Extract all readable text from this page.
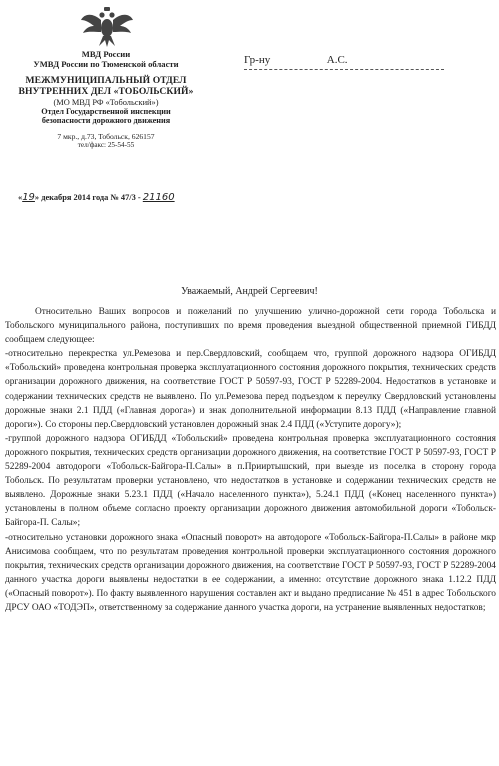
МВД России
УМВД России по Тюменской области
МЕЖМУНИЦИПАЛЬНЫЙ ОТДЕЛ
ВНУТРЕННИХ ДЕЛ «ТОБОЛЬСКИЙ»
(МО МВД РФ «Тобольский»)
Отдел Государственной инспекции
безопасности дорожного движения
7 мкр., д.73, Тобольск, 626157
тел/факс: 25-54-55
«19» декабря 2014 года № 47/3 - 21160
Гр-ну	А.С.
Уважаемый, Андрей Сергеевич!

Относительно Ваших вопросов и пожеланий по улучшению улично-дорожной сети города Тобольска и Тобольского муниципального района, поступивших по время проведения выездной общественной приемной ГИБДД сообщаем следующее:

-относительно перекрестка ул.Ремезова и пер.Свердловский, сообщаем что, группой дорожного надзора ОГИБДД «Тобольский» проведена контрольная проверка эксплуатационного состояния дорожного покрытия, технических средств организации дорожного движения, на соответствие ГОСТ Р 50597-93, ГОСТ Р 52289-2004. Недостатков в установке и содержании технических средств не выявлено. По ул.Ремезова перед подъездом к переулку Свердловский установлены дорожные знаки 2.1 ПДД («Главная дорога») и знак дополнительной информации 8.13 ПДД («Направление главной дороги»). Со стороны пер.Свердловский установлен дорожный знак 2.4 ПДД («Уступите дорогу»);

-группой дорожного надзора ОГИБДД «Тобольский» проведена контрольная проверка эксплуатационного состояния дорожного покрытия, технических средств организации дорожного движения, на соответствие ГОСТ Р 50597-93, ГОСТ Р 52289-2004 автодороги «Тобольск-Байгора-П.Салы» в п.Прииртышский, при выезде из поселка в сторону города Тобольск. По результатам проверки установлено, что недостатков в установке и содержании технических средств не выявлено. Дорожные знаки 5.23.1 ПДД («Начало населенного пункта»), 5.24.1 ПДД («Конец населенного пункта») установлены в полном объеме согласно проекту организации дорожного движения автомобильной дороги «Тобольск-Байгора-П. Салы»;

-относительно установки дорожного знака «Опасный поворот» на автодороге «Тобольск-Байгора-П.Салы» в районе мкр Анисимова сообщаем, что по результатам проведения контрольной проверки эксплуатационного состояния дорожного покрытия, технических средств организации дорожного движения, на соответствие ГОСТ Р 50597-93, ГОСТ Р 52289-2004 данного участка дороги выявлены недостатки в ее содержании, а именно: отсутствие дорожного знака 1.12.2 ПДД («Опасный поворот»). По факту выявленного нарушения составлен акт и выдано предписание № 451 в адрес Тобольского ДРСУ ОАО «ТОДЭП», ответственному за содержание данного участка дороги, на устранение выявленных недостатков;
